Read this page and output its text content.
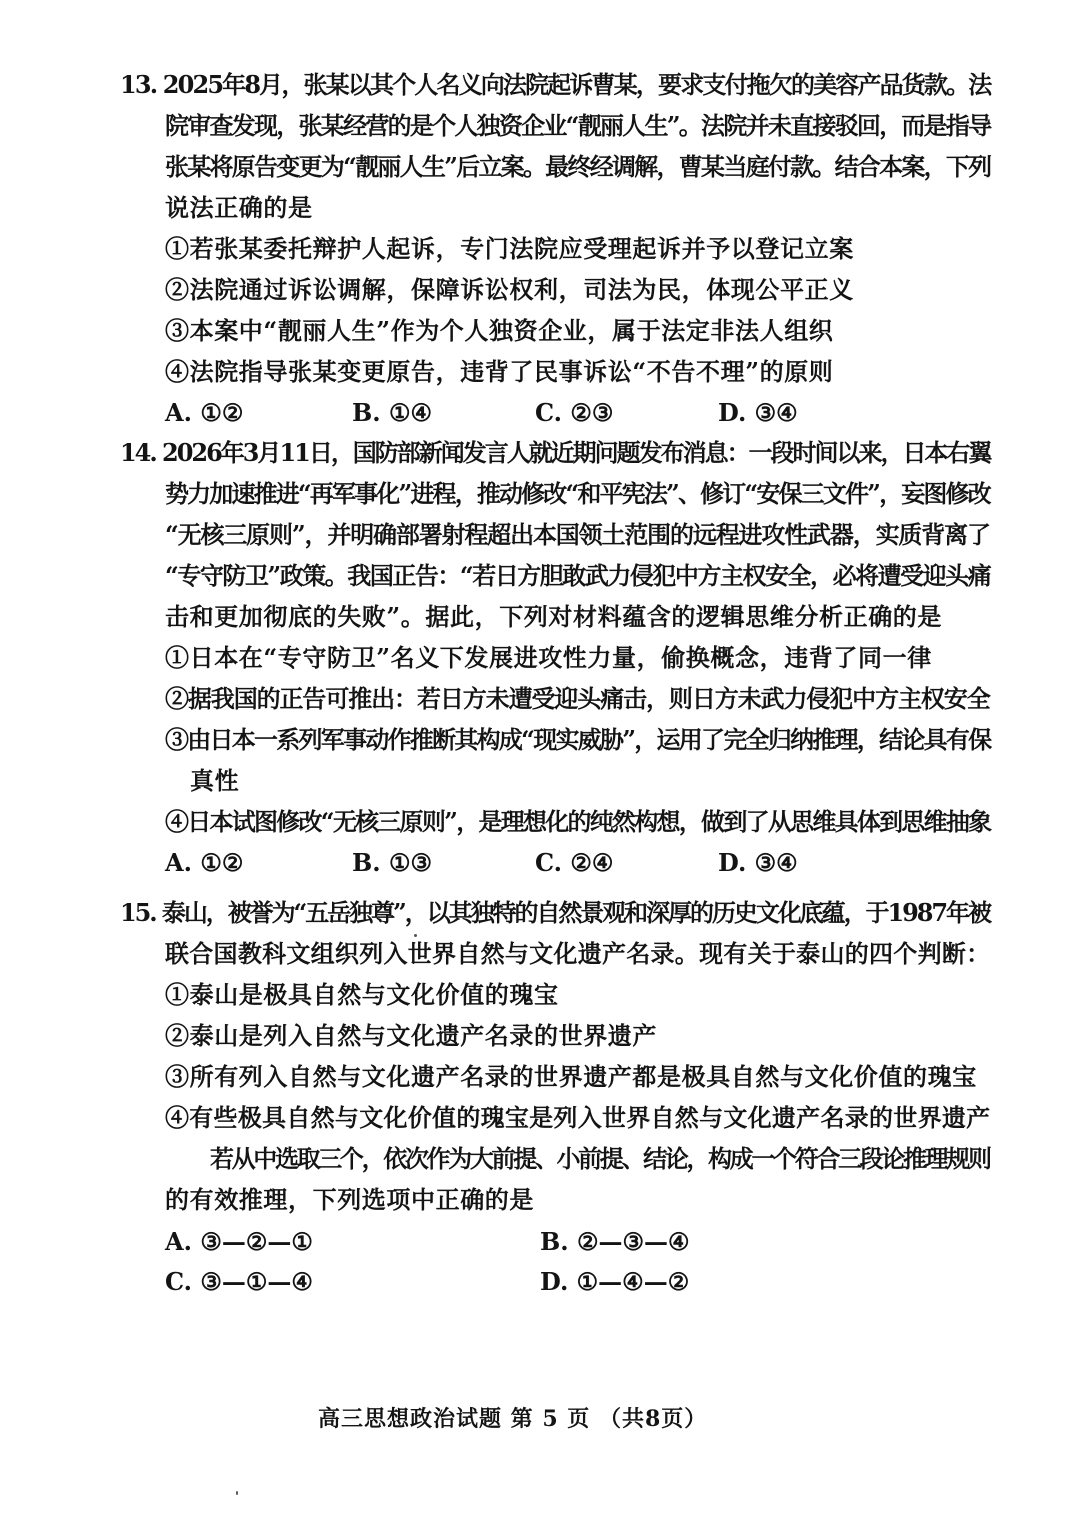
13. 2025年8月，张某以其个人名义向法院起诉曹某，要求支付拖欠的美容产品货款。法
院审查发现，张某经营的是个人独资企业“靓丽人生”。法院并未直接驳回，而是指导
张某将原告变更为“靓丽人生”后立案。最终经调解，曹某当庭付款。结合本案，下列
说法正确的是
①若张某委托辩护人起诉，专门法院应受理起诉并予以登记立案
②法院通过诉讼调解，保障诉讼权利，司法为民，体现公平正义
③本案中“靓丽人生”作为个人独资企业，属于法定非法人组织
④法院指导张某变更原告，违背了民事诉讼“不告不理”的原则
A. ①②	B. ①④	C. ②③	D. ③④
14. 2026年3月11日，国防部新闻发言人就近期问题发布消息：一段时间以来，日本右翼
势力加速推进“再军事化”进程，推动修改“和平宪法”、修订“安保三文件”，妄图修改
“无核三原则”，并明确部署射程超出本国领土范围的远程进攻性武器，实质背离了
“专守防卫”政策。我国正告：“若日方胆敢武力侵犯中方主权安全，必将遭受迎头痛
击和更加彻底的失败”。据此，下列对材料蕴含的逻辑思维分析正确的是
①日本在“专守防卫”名义下发展进攻性力量，偷换概念，违背了同一律
②据我国的正告可推出：若日方未遭受迎头痛击，则日方未武力侵犯中方主权安全
③由日本一系列军事动作推断其构成“现实威胁”，运用了完全归纳推理，结论具有保
真性
④日本试图修改“无核三原则”，是理想化的纯然构想，做到了从思维具体到思维抽象
A. ①②	B. ①③	C. ②④	D. ③④
15. 泰山，被誉为“五岳独尊”，以其独特的自然景观和深厚的历史文化底蕴，于1987年被
联合国教科文组织列入世界自然与文化遗产名录。现有关于泰山的四个判断：
①泰山是极具自然与文化价值的瑰宝
②泰山是列入自然与文化遗产名录的世界遗产
③所有列入自然与文化遗产名录的世界遗产都是极具自然与文化价值的瑰宝
④有些极具自然与文化价值的瑰宝是列入世界自然与文化遗产名录的世界遗产
若从中选取三个，依次作为大前提、小前提、结论，构成一个符合三段论推理规则
的有效推理，下列选项中正确的是
A. ③—②—①	B. ②—③—④
C. ③—①—④	D. ①—④—②
高三思想政治试题 第 5 页 （共8页）
